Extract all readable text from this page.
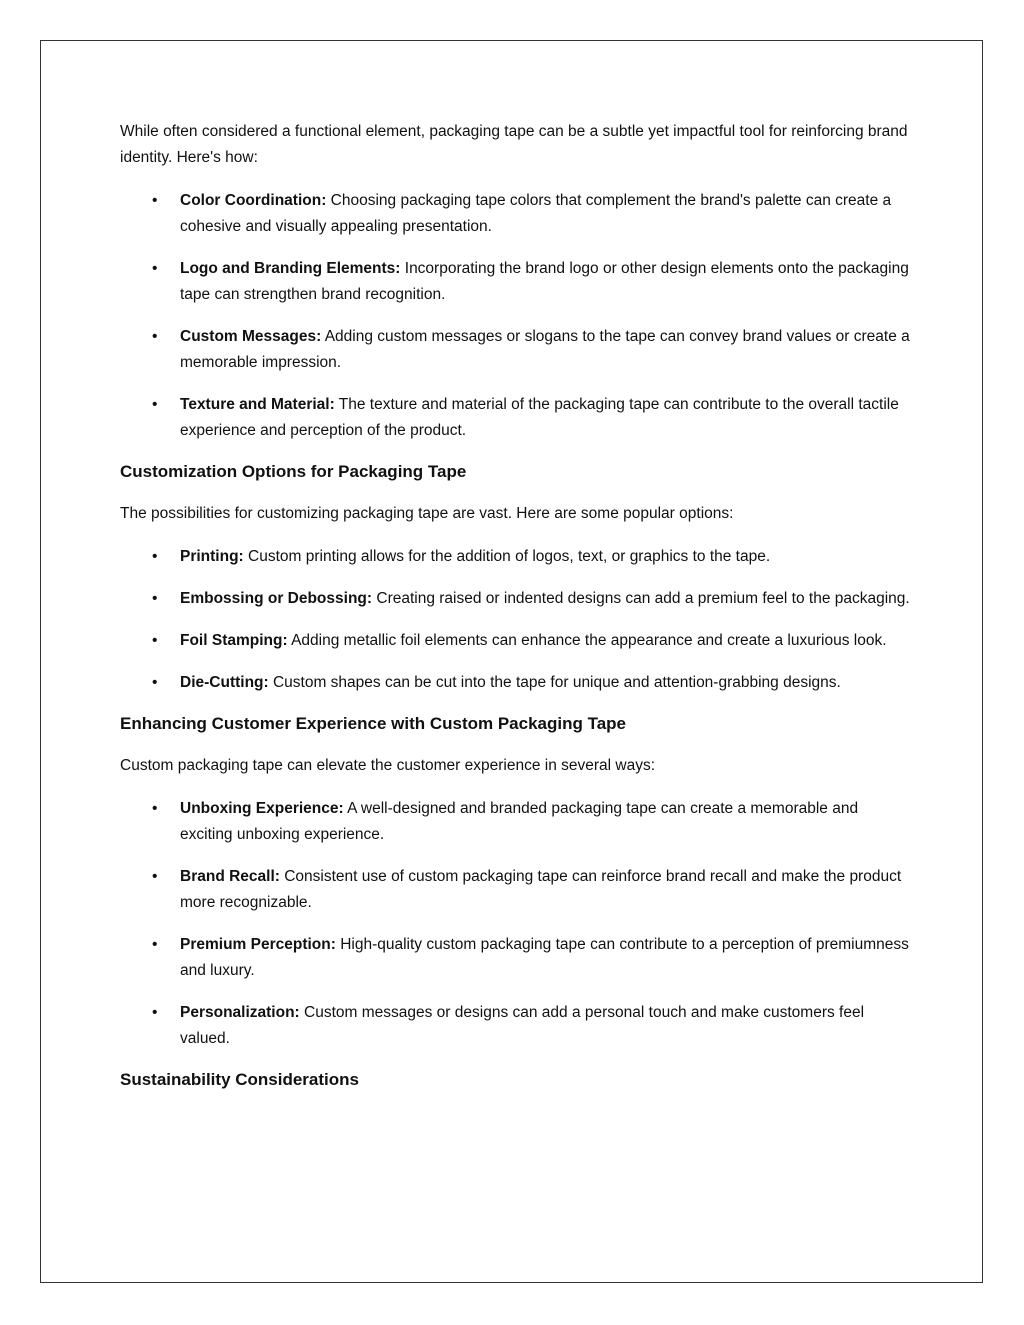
While often considered a functional element, packaging tape can be a subtle yet impactful tool for reinforcing brand identity. Here's how:

• Color Coordination: Choosing packaging tape colors that complement the brand's palette can create a cohesive and visually appealing presentation.
• Logo and Branding Elements: Incorporating the brand logo or other design elements onto the packaging tape can strengthen brand recognition.
• Custom Messages: Adding custom messages or slogans to the tape can convey brand values or create a memorable impression.
• Texture and Material: The texture and material of the packaging tape can contribute to the overall tactile experience and perception of the product.
Customization Options for Packaging Tape

The possibilities for customizing packaging tape are vast. Here are some popular options:

• Printing: Custom printing allows for the addition of logos, text, or graphics to the tape.
• Embossing or Debossing: Creating raised or indented designs can add a premium feel to the packaging.
• Foil Stamping: Adding metallic foil elements can enhance the appearance and create a luxurious look.
• Die-Cutting: Custom shapes can be cut into the tape for unique and attention-grabbing designs.
Enhancing Customer Experience with Custom Packaging Tape

Custom packaging tape can elevate the customer experience in several ways:

• Unboxing Experience: A well-designed and branded packaging tape can create a memorable and exciting unboxing experience.
• Brand Recall: Consistent use of custom packaging tape can reinforce brand recall and make the product more recognizable.
• Premium Perception: High-quality custom packaging tape can contribute to a perception of premiumness and luxury.
• Personalization: Custom messages or designs can add a personal touch and make customers feel valued.
Sustainability Considerations
